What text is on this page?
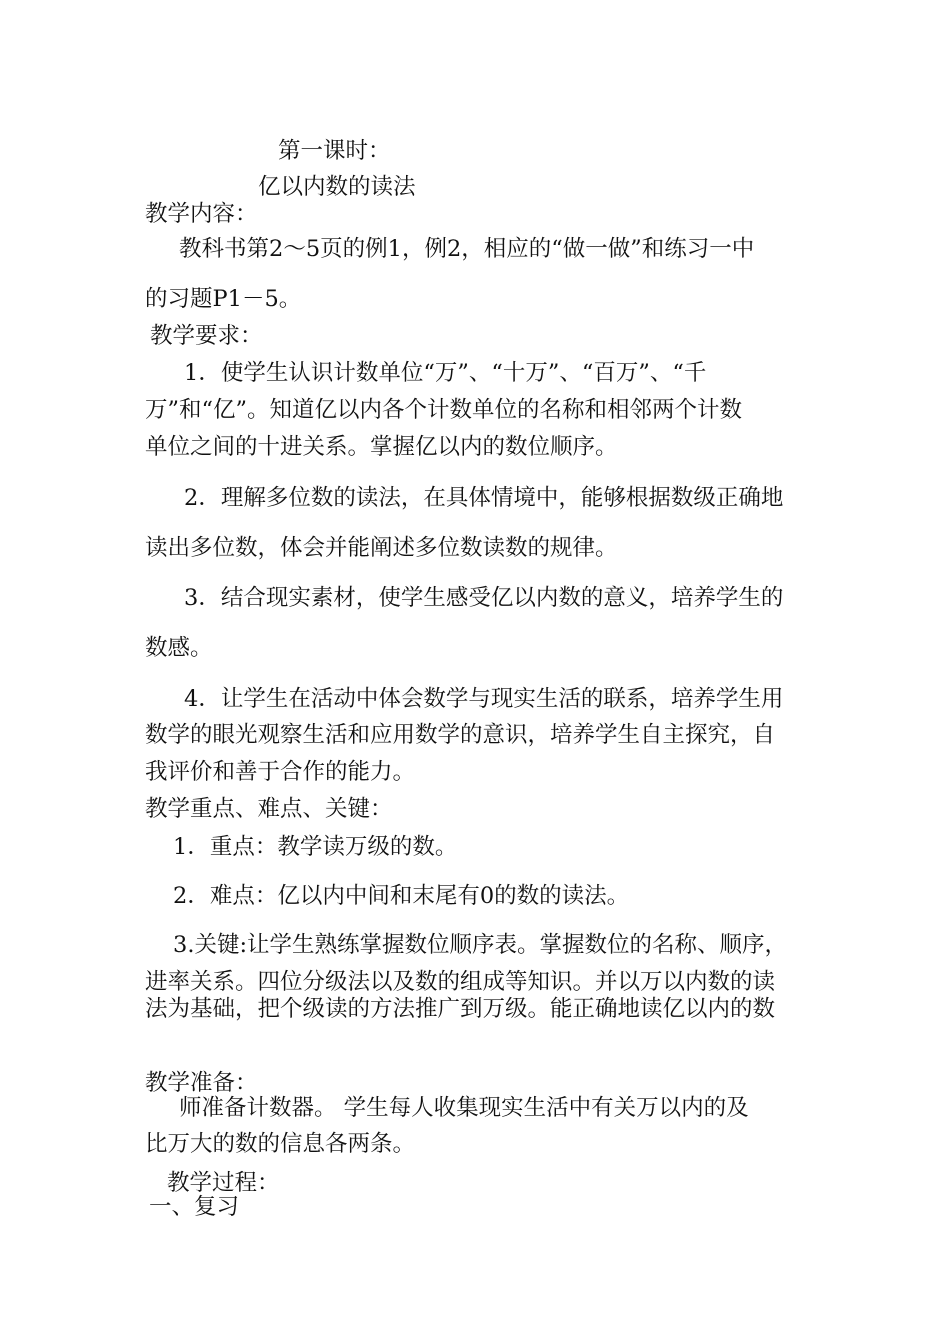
第一课时：

亿以内数的读法

教学内容：

教科书第2～5页的例1，例2，相应的“做一做”和练习一中

的习题P1－5。

教学要求：

1．使学生认识计数单位“万”、“十万”、“百万”、“千

万”和“亿”。知道亿以内各个计数单位的名称和相邻两个计数

单位之间的十进关系。掌握亿以内的数位顺序。

2．理解多位数的读法，在具体情境中，能够根据数级正确地

读出多位数，体会并能阐述多位数读数的规律。

3．结合现实素材，使学生感受亿以内数的意义，培养学生的

数感。

4．让学生在活动中体会数学与现实生活的联系，培养学生用

数学的眼光观察生活和应用数学的意识，培养学生自主探究，自

我评价和善于合作的能力。

教学重点、难点、关键：

1．重点：教学读万级的数。

2．难点：亿以内中间和末尾有0的数的读法。

3.关键:让学生熟练掌握数位顺序表。掌握数位的名称、顺序，

进率关系。四位分级法以及数的组成等知识。并以万以内数的读

法为基础，把个级读的方法推广到万级。能正确地读亿以内的数

教学准备：

师准备计数器。 学生每人收集现实生活中有关万以内的及

比万大的数的信息各两条。

教学过程：

一、复习
